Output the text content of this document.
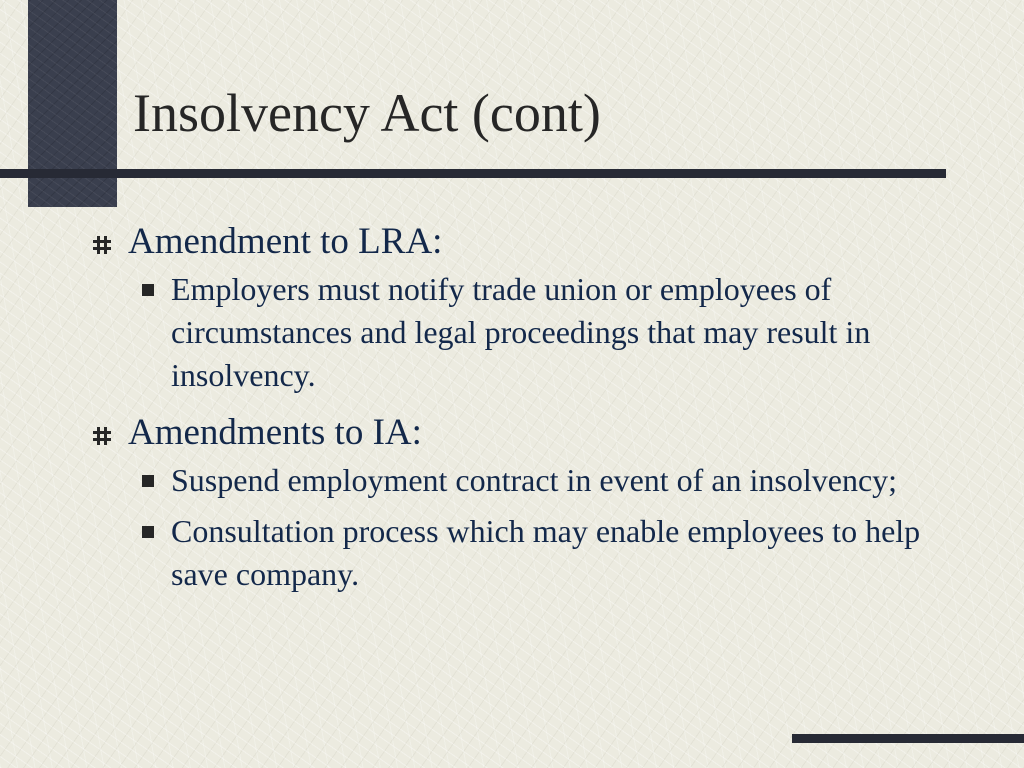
Insolvency Act (cont)
Amendment to LRA:
Employers must notify trade union or employees of circumstances and legal proceedings that may result in insolvency.
Amendments to IA:
Suspend employment contract in event of an insolvency;
Consultation process which may enable employees to help save company.
